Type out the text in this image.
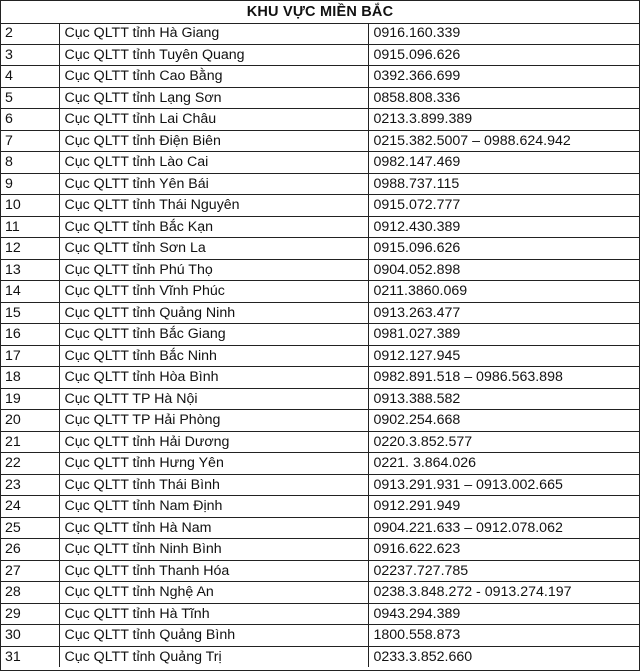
KHU VỰC MIỀN BẮC
2	Cục QLTT tỉnh Hà Giang	0916.160.339
3	Cục QLTT tỉnh Tuyên Quang	0915.096.626
4	Cục QLTT tỉnh Cao Bằng	0392.366.699
5	Cục QLTT tỉnh Lạng Sơn	0858.808.336
6	Cục QLTT tỉnh Lai Châu	0213.3.899.389
7	Cục QLTT tỉnh Điện Biên	0215.382.5007 – 0988.624.942
8	Cục QLTT tỉnh Lào Cai	0982.147.469
9	Cục QLTT tỉnh Yên Bái	0988.737.115
10	Cục QLTT tỉnh Thái Nguyên	0915.072.777
11	Cục QLTT tỉnh Bắc Kạn	0912.430.389
12	Cục QLTT tỉnh Sơn La	0915.096.626
13	Cục QLTT tỉnh Phú Thọ	0904.052.898
14	Cục QLTT tỉnh Vĩnh Phúc	0211.3860.069
15	Cục QLTT tỉnh Quảng Ninh	0913.263.477
16	Cục QLTT tỉnh Bắc Giang	0981.027.389
17	Cục QLTT tỉnh Bắc Ninh	0912.127.945
18	Cục QLTT tỉnh Hòa Bình	0982.891.518 – 0986.563.898
19	Cục QLTT TP Hà Nội	0913.388.582
20	Cục QLTT TP Hải Phòng	0902.254.668
21	Cục QLTT tỉnh Hải Dương	0220.3.852.577
22	Cục QLTT tỉnh Hưng Yên	0221. 3.864.026
23	Cục QLTT tỉnh Thái Bình	0913.291.931 – 0913.002.665
24	Cục QLTT tỉnh Nam Định	0912.291.949
25	Cục QLTT tỉnh Hà Nam	0904.221.633 – 0912.078.062
26	Cục QLTT tỉnh Ninh Bình	0916.622.623
27	Cục QLTT tỉnh Thanh Hóa	02237.727.785
28	Cục QLTT tỉnh Nghệ An	0238.3.848.272 - 0913.274.197
29	Cục QLTT tỉnh Hà Tĩnh	0943.294.389
30	Cục QLTT tỉnh Quảng Bình	1800.558.873
31	Cục QLTT tỉnh Quảng Trị	0233.3.852.660
